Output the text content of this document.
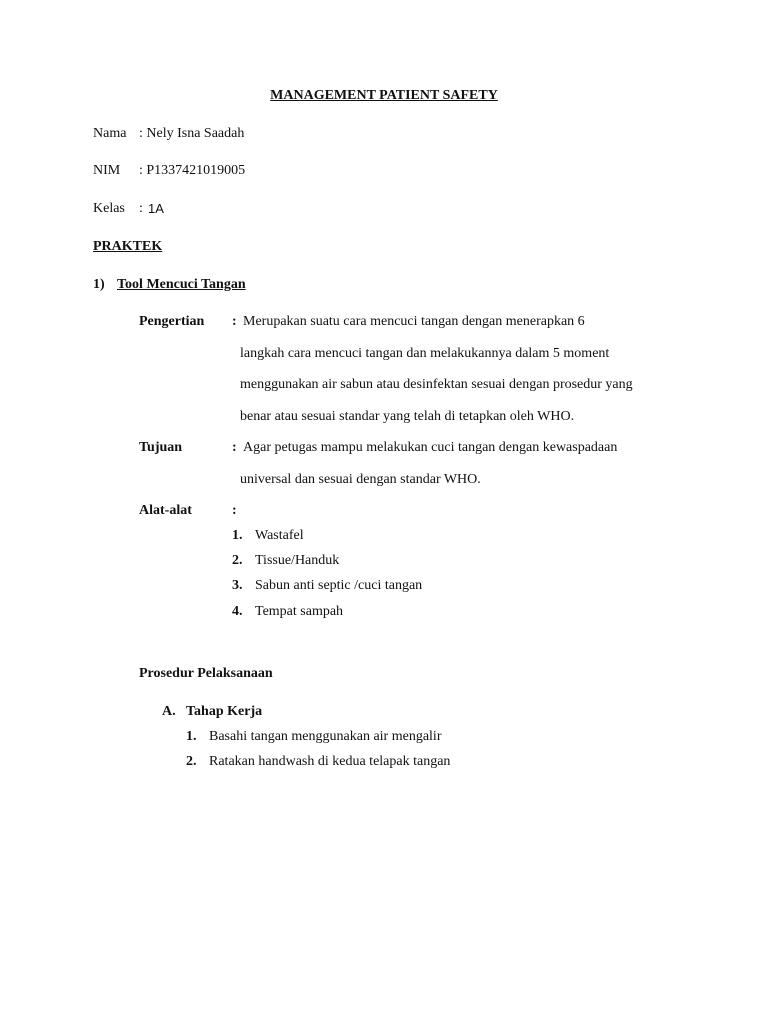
MANAGEMENT PATIENT SAFETY
Nama : Nely Isna Saadah
NIM : P1337421019005
Kelas : 1A
PRAKTEK
1) Tool Mencuci Tangan
Pengertian : Merupakan suatu cara mencuci tangan dengan menerapkan 6
langkah cara mencuci tangan dan melakukannya dalam 5 moment
menggunakan air sabun atau desinfektan sesuai dengan prosedur yang
benar atau sesuai standar yang telah di tetapkan oleh WHO.
Tujuan	: Agar petugas mampu melakukan cuci tangan dengan kewaspadaan
universal dan sesuai dengan standar WHO.
Alat-alat	:
1. Wastafel
2. Tissue/Handuk
3. Sabun anti septic /cuci tangan
4. Tempat sampah
Prosedur Pelaksanaan
A. Tahap Kerja
1. Basahi tangan menggunakan air mengalir
2. Ratakan handwash di kedua telapak tangan
